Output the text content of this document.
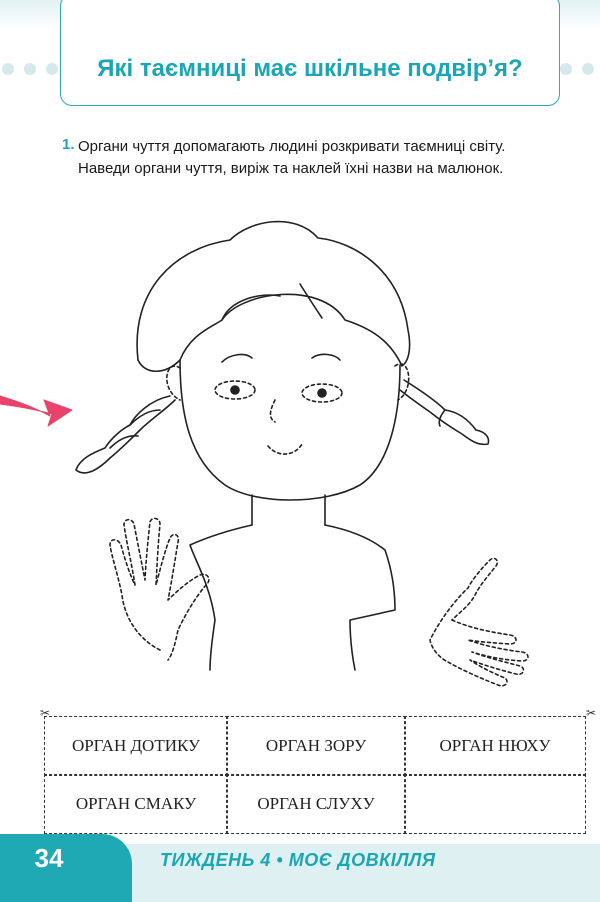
Які таємниці має шкільне подвір’я?
1. Органи чуття допомагають людині розкривати таємниці світу. Наведи органи чуття, виріж та наклей їхні назви на малюнок.

ОРГАН ДОТИКУ	ОРГАН ЗОРУ	ОРГАН НЮХУ
ОРГАН СМАКУ	ОРГАН СЛУХУ
✂	✂
34	ТИЖДЕНЬ 4 • МОЄ ДОВКІЛЛЯ
